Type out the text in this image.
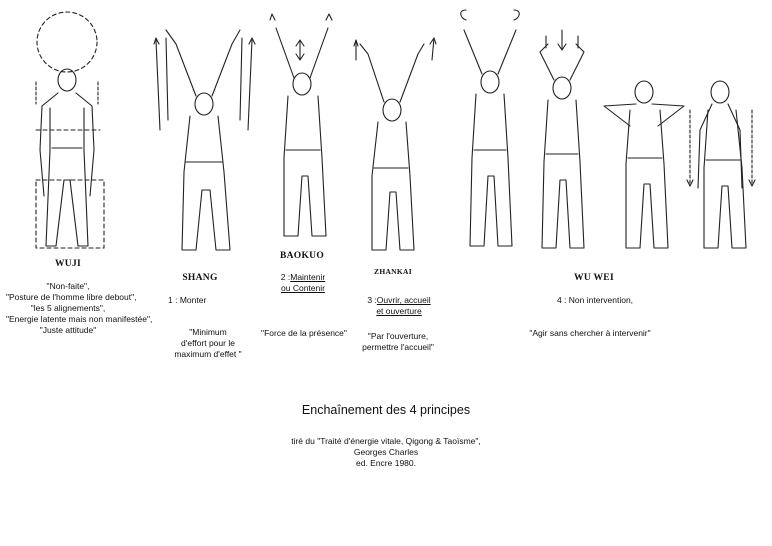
WUJI
"Non-faite",
"Posture de l'homme libre debout",
"les 5 alignements",
"Energie latente mais non manifestée",
"Juste attitude"
SHANG
1 : Monter
"Minimum
d'effort pour le
maximum d'effet "
BAOKUO
2 :Maintenir
ou Contenir
"Force de la présence"
ZHANKAI
3 :Ouvrir, accueil
et ouverture
"Par l'ouverture,
permettre l'accueil"
WU WEI
4 : Non intervention,
"Agir sans chercher à intervenir"
Enchaînement des 4 principes
tiré du "Traité d'énergie vitale, Qigong & Taoïsme",
Georges Charles
ed. Encre 1980.
